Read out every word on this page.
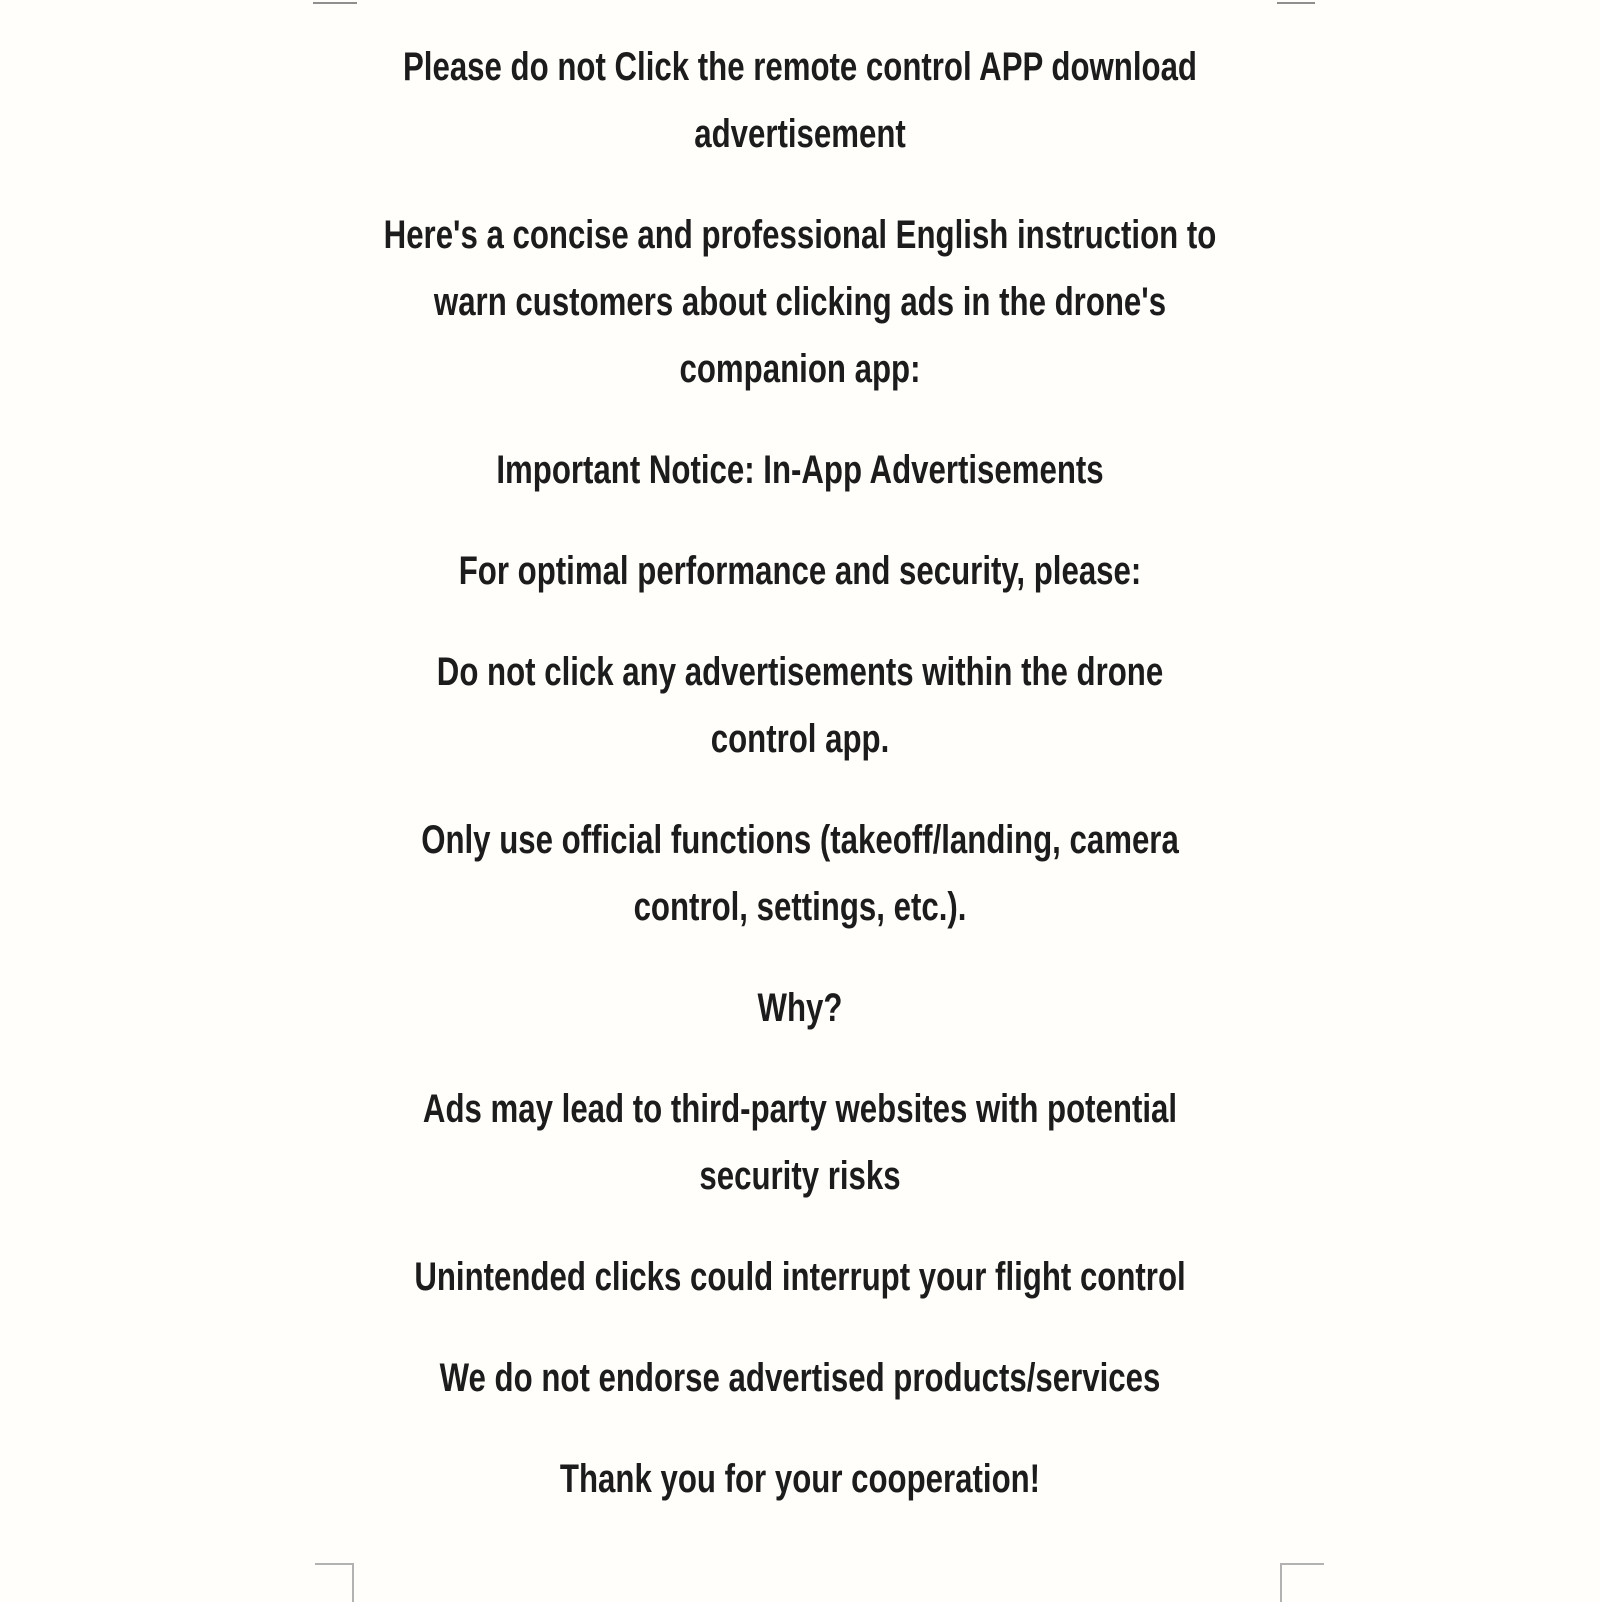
Please do not Click the remote control APP download
advertisement
Here's a concise and professional English instruction to
warn customers about clicking ads in the drone's
companion app:
Important Notice: In-App Advertisements
For optimal performance and security, please:
Do not click any advertisements within the drone
control app.
Only use official functions (takeoff/landing, camera
control, settings, etc.).
Why?
Ads may lead to third-party websites with potential
security risks
Unintended clicks could interrupt your flight control
We do not endorse advertised products/services
Thank you for your cooperation!
